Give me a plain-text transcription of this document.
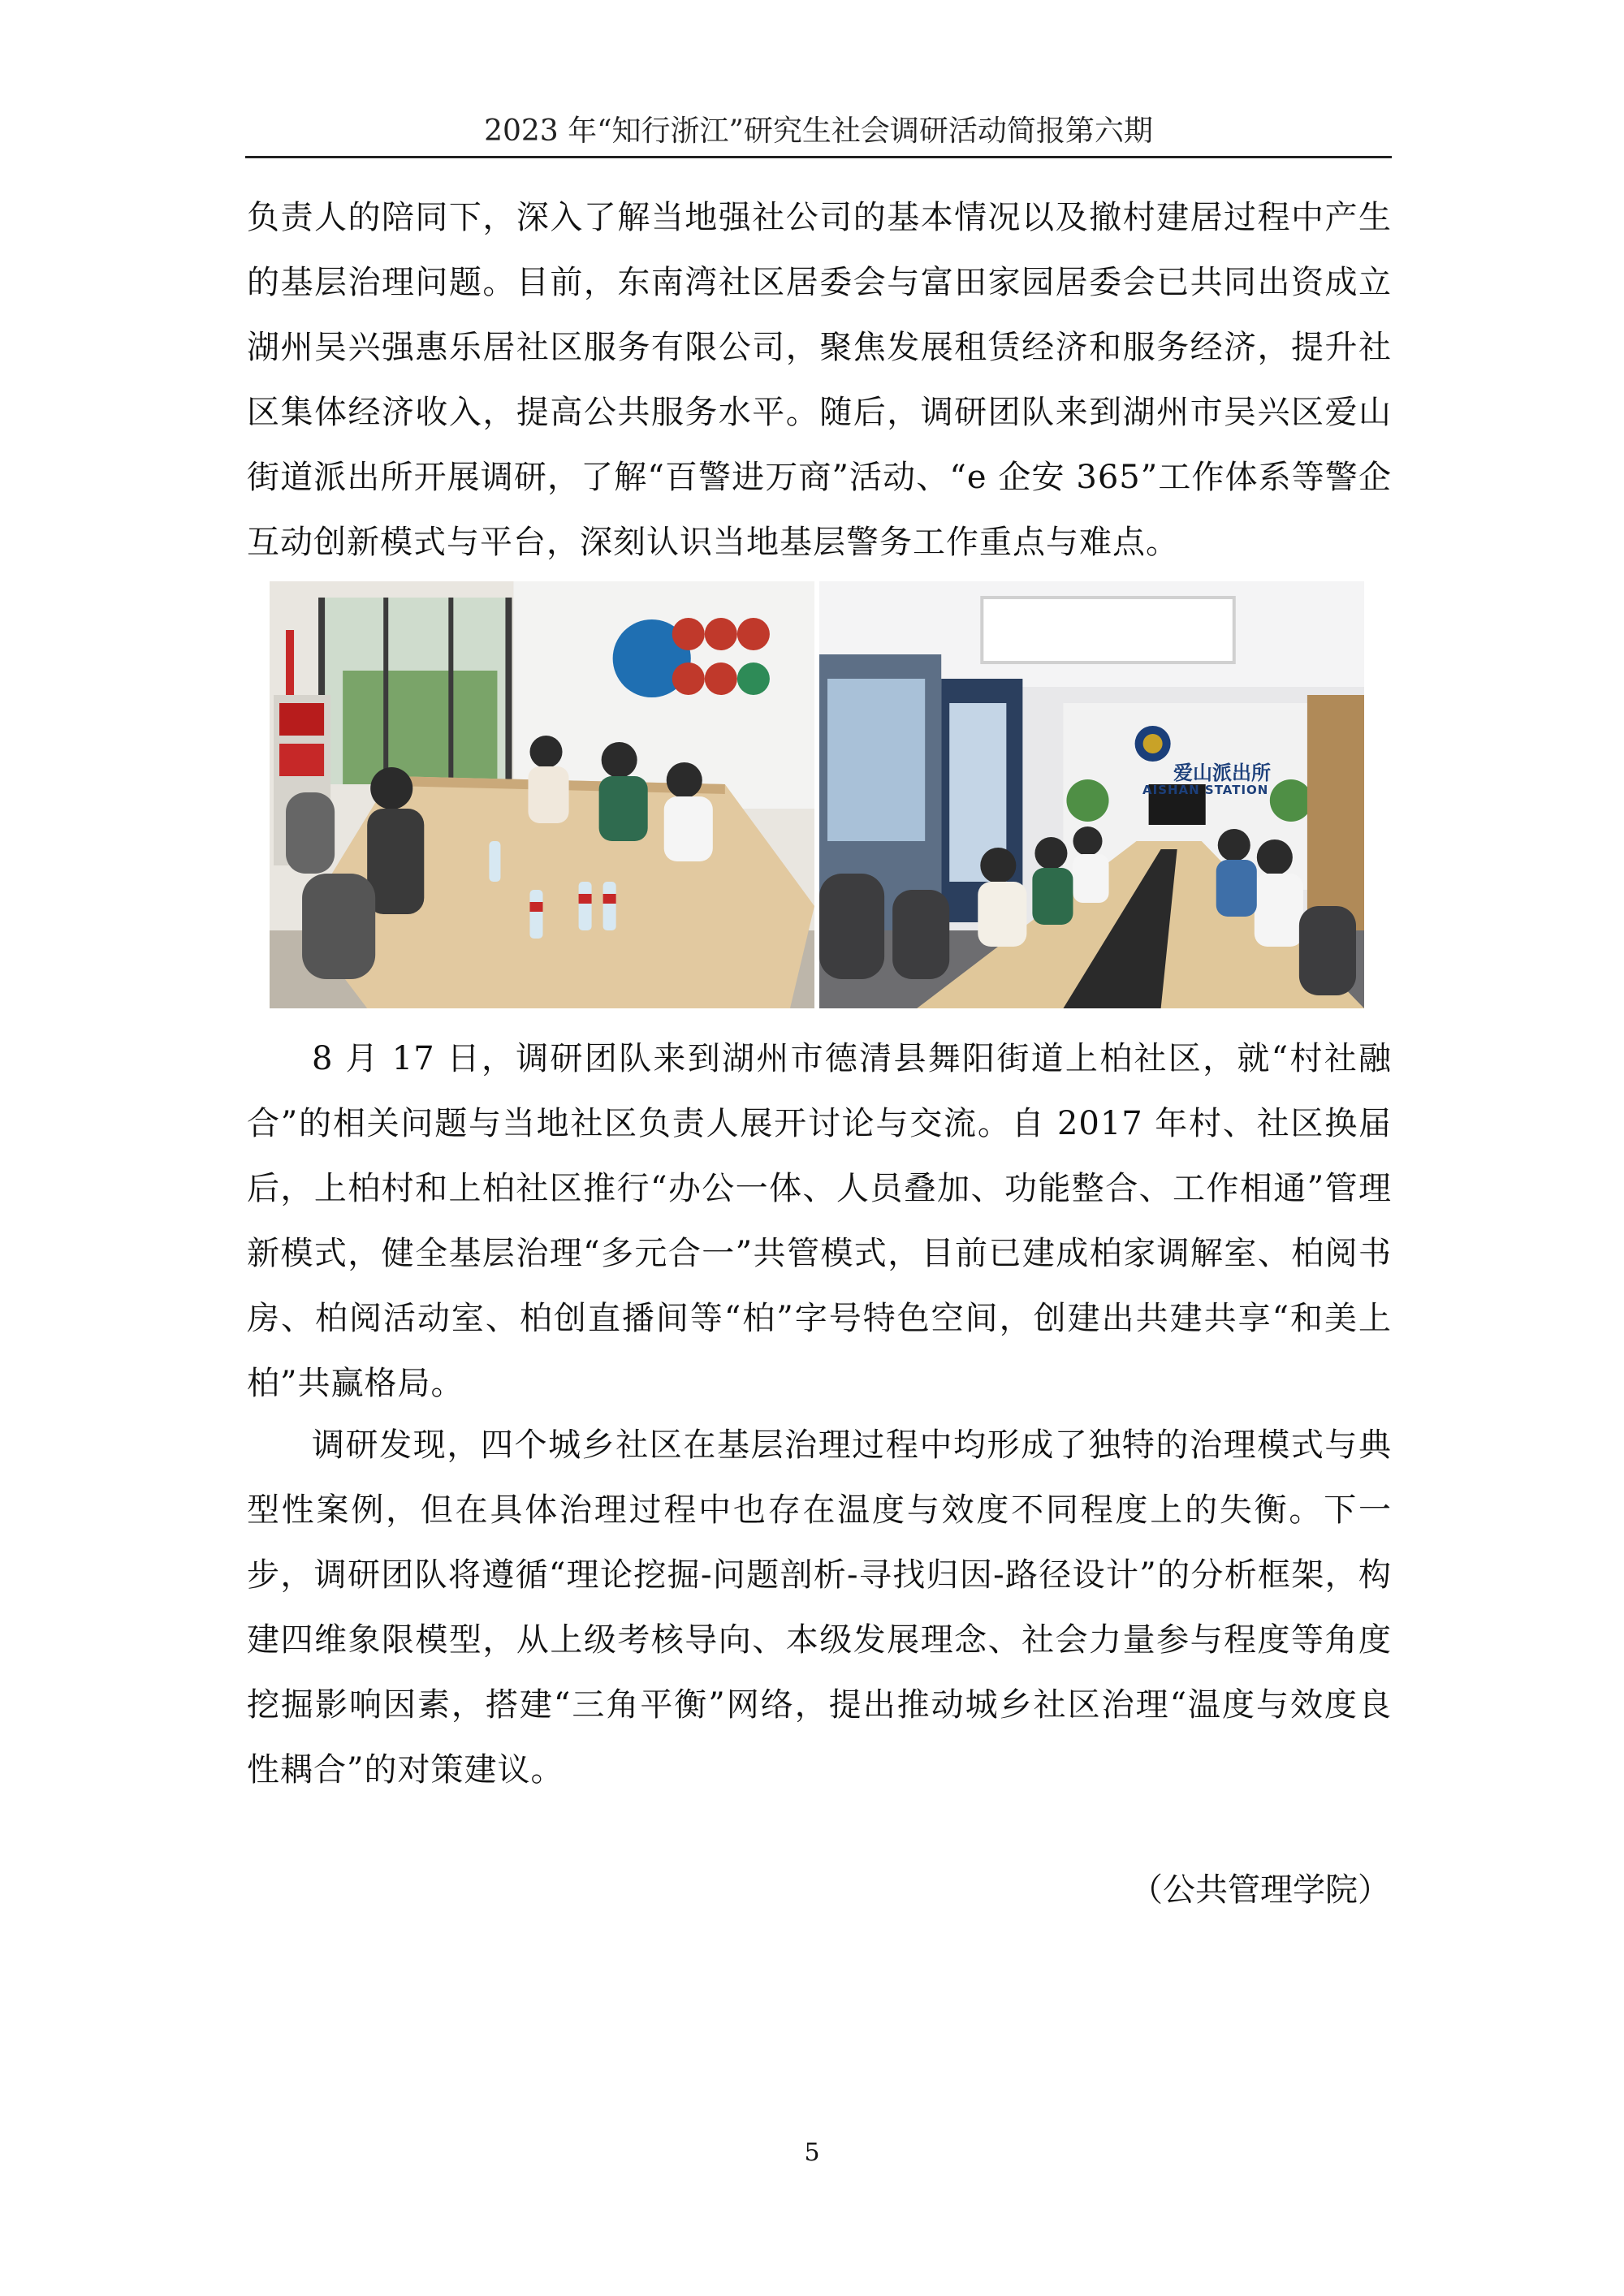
2023 年“知行浙江”研究生社会调研活动简报第六期

负责人的陪同下，深入了解当地强社公司的基本情况以及撤村建居过程中产生的基层治理问题。目前，东南湾社区居委会与富田家园居委会已共同出资成立湖州吴兴强惠乐居社区服务有限公司，聚焦发展租赁经济和服务经济，提升社区集体经济收入，提高公共服务水平。随后，调研团队来到湖州市吴兴区爱山街道派出所开展调研，了解“百警进万商”活动、“e 企安 365”工作体系等警企互动创新模式与平台，深刻认识当地基层警务工作重点与难点。

爱山派出所
AISHAN STATION

8 月 17 日，调研团队来到湖州市德清县舞阳街道上柏社区，就“村社融合”的相关问题与当地社区负责人展开讨论与交流。自 2017 年村、社区换届后，上柏村和上柏社区推行“办公一体、人员叠加、功能整合、工作相通”管理新模式，健全基层治理“多元合一”共管模式，目前已建成柏家调解室、柏阅书房、柏阅活动室、柏创直播间等“柏”字号特色空间，创建出共建共享“和美上柏”共赢格局。

调研发现，四个城乡社区在基层治理过程中均形成了独特的治理模式与典型性案例，但在具体治理过程中也存在温度与效度不同程度上的失衡。下一步，调研团队将遵循“理论挖掘-问题剖析-寻找归因-路径设计”的分析框架，构建四维象限模型，从上级考核导向、本级发展理念、社会力量参与程度等角度挖掘影响因素，搭建“三角平衡”网络，提出推动城乡社区治理“温度与效度良性耦合”的对策建议。

（公共管理学院）
5
